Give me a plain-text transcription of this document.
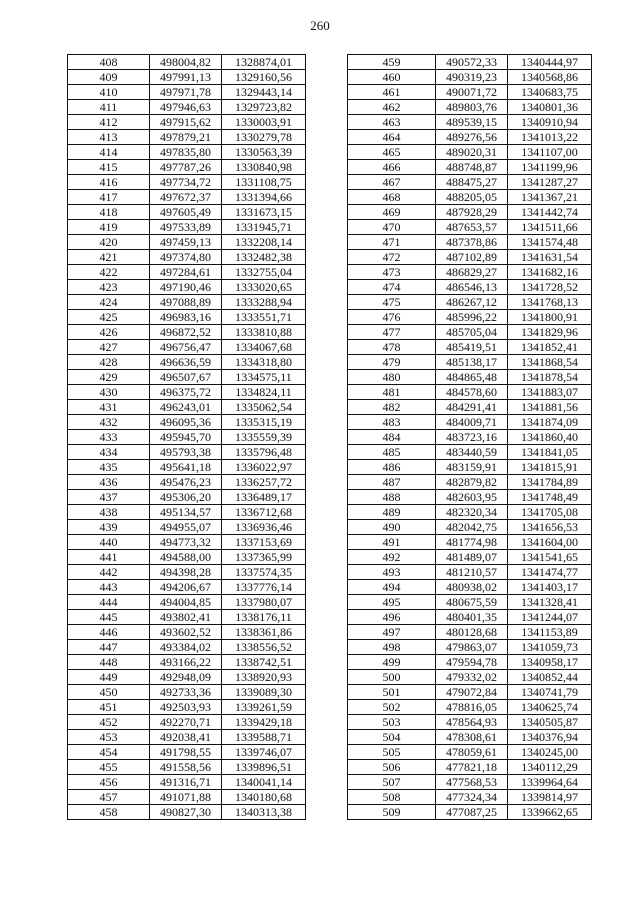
260
408	498004,82	1328874,01
409	497991,13	1329160,56
410	497971,78	1329443,14
411	497946,63	1329723,82
412	497915,62	1330003,91
413	497879,21	1330279,78
414	497835,80	1330563,39
415	497787,26	1330840,98
416	497734,72	1331108,75
417	497672,37	1331394,66
418	497605,49	1331673,15
419	497533,89	1331945,71
420	497459,13	1332208,14
421	497374,80	1332482,38
422	497284,61	1332755,04
423	497190,46	1333020,65
424	497088,89	1333288,94
425	496983,16	1333551,71
426	496872,52	1333810,88
427	496756,47	1334067,68
428	496636,59	1334318,80
429	496507,67	1334575,11
430	496375,72	1334824,11
431	496243,01	1335062,54
432	496095,36	1335315,19
433	495945,70	1335559,39
434	495793,38	1335796,48
435	495641,18	1336022,97
436	495476,23	1336257,72
437	495306,20	1336489,17
438	495134,57	1336712,68
439	494955,07	1336936,46
440	494773,32	1337153,69
441	494588,00	1337365,99
442	494398,28	1337574,35
443	494206,67	1337776,14
444	494004,85	1337980,07
445	493802,41	1338176,11
446	493602,52	1338361,86
447	493384,02	1338556,52
448	493166,22	1338742,51
449	492948,09	1338920,93
450	492733,36	1339089,30
451	492503,93	1339261,59
452	492270,71	1339429,18
453	492038,41	1339588,71
454	491798,55	1339746,07
455	491558,56	1339896,51
456	491316,71	1340041,14
457	491071,88	1340180,68
458	490827,30	1340313,38
459	490572,33	1340444,97
460	490319,23	1340568,86
461	490071,72	1340683,75
462	489803,76	1340801,36
463	489539,15	1340910,94
464	489276,56	1341013,22
465	489020,31	1341107,00
466	488748,87	1341199,96
467	488475,27	1341287,27
468	488205,05	1341367,21
469	487928,29	1341442,74
470	487653,57	1341511,66
471	487378,86	1341574,48
472	487102,89	1341631,54
473	486829,27	1341682,16
474	486546,13	1341728,52
475	486267,12	1341768,13
476	485996,22	1341800,91
477	485705,04	1341829,96
478	485419,51	1341852,41
479	485138,17	1341868,54
480	484865,48	1341878,54
481	484578,60	1341883,07
482	484291,41	1341881,56
483	484009,71	1341874,09
484	483723,16	1341860,40
485	483440,59	1341841,05
486	483159,91	1341815,91
487	482879,82	1341784,89
488	482603,95	1341748,49
489	482320,34	1341705,08
490	482042,75	1341656,53
491	481774,98	1341604,00
492	481489,07	1341541,65
493	481210,57	1341474,77
494	480938,02	1341403,17
495	480675,59	1341328,41
496	480401,35	1341244,07
497	480128,68	1341153,89
498	479863,07	1341059,73
499	479594,78	1340958,17
500	479332,02	1340852,44
501	479072,84	1340741,79
502	478816,05	1340625,74
503	478564,93	1340505,87
504	478308,61	1340376,94
505	478059,61	1340245,00
506	477821,18	1340112,29
507	477568,53	1339964,64
508	477324,34	1339814,97
509	477087,25	1339662,65
